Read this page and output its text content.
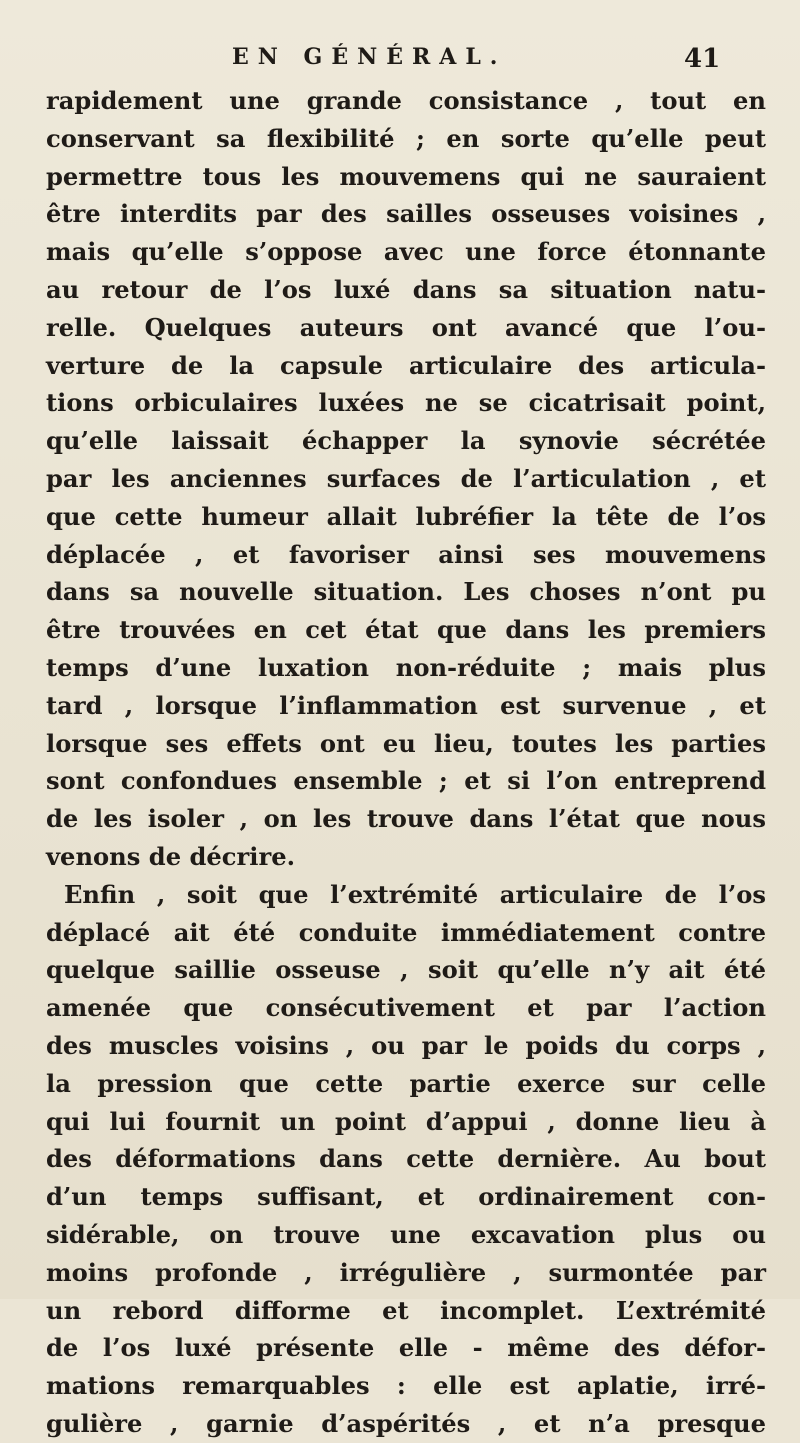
EN GÉNÉRAL.	41
rapidement une grande consistance , tout en
conservant sa flexibilité ; en sorte qu’elle peut
permettre tous les mouvemens qui ne sauraient
être interdits par des sailles osseuses voisines ,
mais qu’elle s’oppose avec une force étonnante
au retour de l’os luxé dans sa situation natu-
relle. Quelques auteurs ont avancé que l’ou-
verture de la capsule articulaire des articula-
tions orbiculaires luxées ne se cicatrisait point,
qu’elle laissait échapper la synovie sécrétée
par les anciennes surfaces de l’articulation , et
que cette humeur allait lubréfier la tête de l’os
déplacée , et favoriser ainsi ses mouvemens
dans sa nouvelle situation. Les choses n’ont pu
être trouvées en cet état que dans les premiers
temps d’une luxation non-réduite ; mais plus
tard , lorsque l’inflammation est survenue , et
lorsque ses effets ont eu lieu, toutes les parties
sont confondues ensemble ; et si l’on entreprend
de les isoler , on les trouve dans l’état que nous
venons de décrire.
Enfin , soit que l’extrémité articulaire de l’os
déplacé ait été conduite immédiatement contre
quelque saillie osseuse , soit qu’elle n’y ait été
amenée que consécutivement et par l’action
des muscles voisins , ou par le poids du corps ,
la pression que cette partie exerce sur celle
qui lui fournit un point d’appui , donne lieu à
des déformations dans cette dernière. Au bout
d’un temps suffisant, et ordinairement con-
sidérable, on trouve une excavation plus ou
moins profonde , irrégulière , surmontée par
un rebord difforme et incomplet. L’extrémité
de l’os luxé présente elle - même des défor-
mations remarquables : elle est aplatie, irré-
gulière , garnie d’aspérités , et n’a presque
